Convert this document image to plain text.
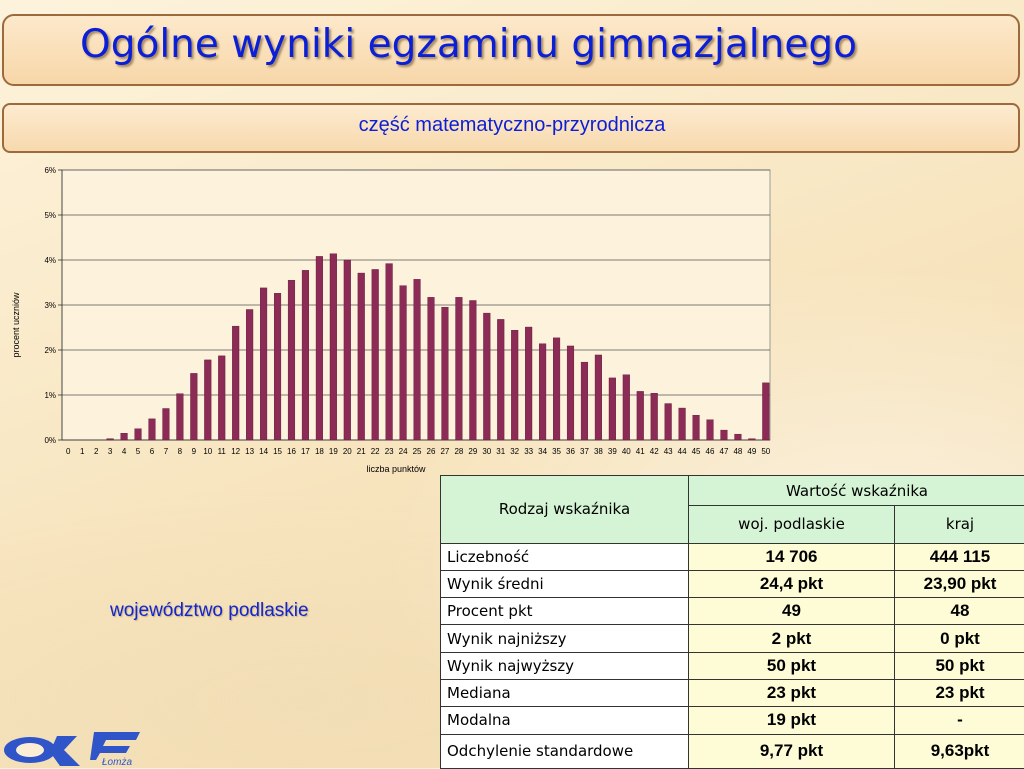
Ogólne wyniki egzaminu gimnazjalnego
część matematyczno-przyrodnicza
0%
1%
2%
3%
4%
5%
6%
0 1 2 3 4 5 6 7 8 9 10 11 12 13 14 15 16 17 18 19 20 21 22 23 24 25 26 27 28 29 30 31 32 33 34 35 36 37 38 39 40 41 42 43 44 45 46 47 48 49 50
liczba punktów
procent uczniów
województwo podlaskie
Rodzaj wskaźnika	Wartość wskaźnika	
	woj. podlaskie	kraj
Liczebność	14 706	444 115
Wynik średni	24,4 pkt	23,90 pkt
Procent pkt	49	48
Wynik najniższy	2 pkt	0 pkt
Wynik najwyższy	50 pkt	50 pkt
Mediana	23 pkt	23 pkt
Modalna	19 pkt	-
Odchylenie standardowe	9,77 pkt	9,63pkt
Łomża
